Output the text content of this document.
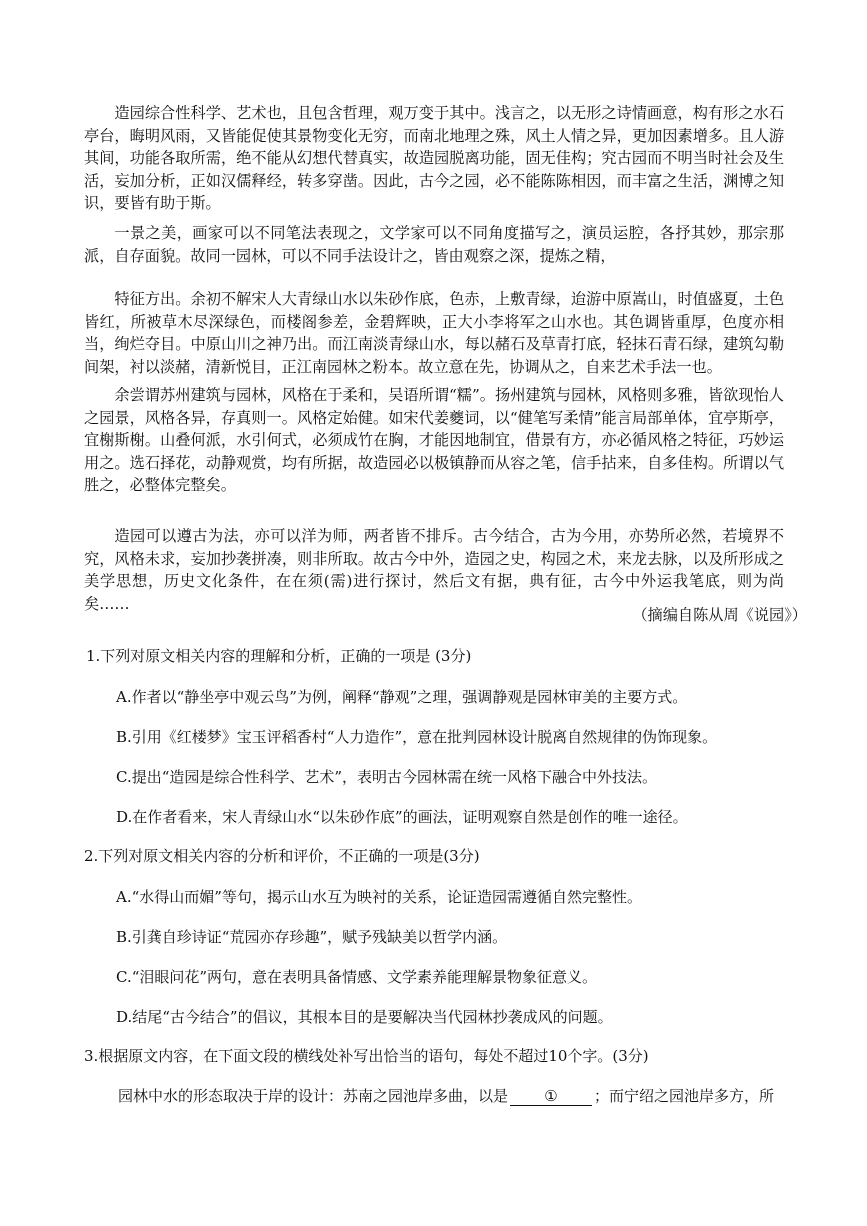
造园综合性科学、艺术也，且包含哲理，观万变于其中。浅言之，以无形之诗情画意，构有形之水石亭台，晦明风雨，又皆能促使其景物变化无穷，而南北地理之殊，风土人情之异，更加因素增多。且人游其间，功能各取所需，绝不能从幻想代替真实，故造园脱离功能，固无佳构；究古园而不明当时社会及生活，妄加分析，正如汉儒释经，转多穿凿。因此，古今之园，必不能陈陈相因，而丰富之生活，渊博之知识，要皆有助于斯。

一景之美，画家可以不同笔法表现之，文学家可以不同角度描写之，演员运腔，各抒其妙，那宗那派，自存面貌。故同一园林，可以不同手法设计之，皆由观察之深，提炼之精，

特征方出。余初不解宋人大青绿山水以朱砂作底，色赤，上敷青绿，迨游中原嵩山，时值盛夏，土色皆红，所被草木尽深绿色，而楼阁参差，金碧辉映，正大小李将军之山水也。其色调皆重厚，色度亦相当，绚烂夺目。中原山川之神乃出。而江南淡青绿山水，每以赭石及草青打底，轻抹石青石绿，建筑勾勒间架，衬以淡赭，清新悦目，正江南园林之粉本。故立意在先，协调从之，自来艺术手法一也。

余尝谓苏州建筑与园林，风格在于柔和，吴语所谓“糯”。扬州建筑与园林，风格则多雅，皆欲现怡人之园景，风格各异，存真则一。风格定始健。如宋代姜夔词，以“健笔写柔情”能言局部单体，宜亭斯亭，宜榭斯榭。山叠何派，水引何式，必须成竹在胸，才能因地制宜，借景有方，亦必循风格之特征，巧妙运用之。选石择花，动静观赏，均有所据，故造园必以极镇静而从容之笔，信手拈来，自多佳构。所谓以气胜之，必整体完整矣。

造园可以遵古为法，亦可以洋为师，两者皆不排斥。古今结合，古为今用，亦势所必然，若境界不究，风格未求，妄加抄袭拼凑，则非所取。故古今中外，造园之史，构园之术，来龙去脉，以及所形成之美学思想，历史文化条件，在在须(需)进行探讨，然后文有据，典有征，古今中外运我笔底，则为尚矣……

（摘编自陈从周《说园》）

1.下列对原文相关内容的理解和分析，正确的一项是 (3分)

A.作者以“静坐亭中观云鸟”为例，阐释“静观”之理，强调静观是园林审美的主要方式。

B.引用《红楼梦》宝玉评稻香村“人力造作”，意在批判园林设计脱离自然规律的伪饰现象。

C.提出“造园是综合性科学、艺术”，表明古今园林需在统一风格下融合中外技法。

D.在作者看来，宋人青绿山水“以朱砂作底”的画法，证明观察自然是创作的唯一途径。

2.下列对原文相关内容的分析和评价，不正确的一项是(3分)

A.“水得山而媚”等句，揭示山水互为映衬的关系，论证造园需遵循自然完整性。

B.引龚自珍诗证“荒园亦存珍趣”，赋予残缺美以哲学内涵。

C.“泪眼问花”两句，意在表明具备情感、文学素养能理解景物象征意义。

D.结尾“古今结合”的倡议，其根本目的是要解决当代园林抄袭成风的问题。

3.根据原文内容，在下面文段的横线处补写出恰当的语句，每处不超过10个字。(3分)

园林中水的形态取决于岸的设计：苏南之园池岸多曲，以是 ① ；而宁绍之园池岸多方，所
